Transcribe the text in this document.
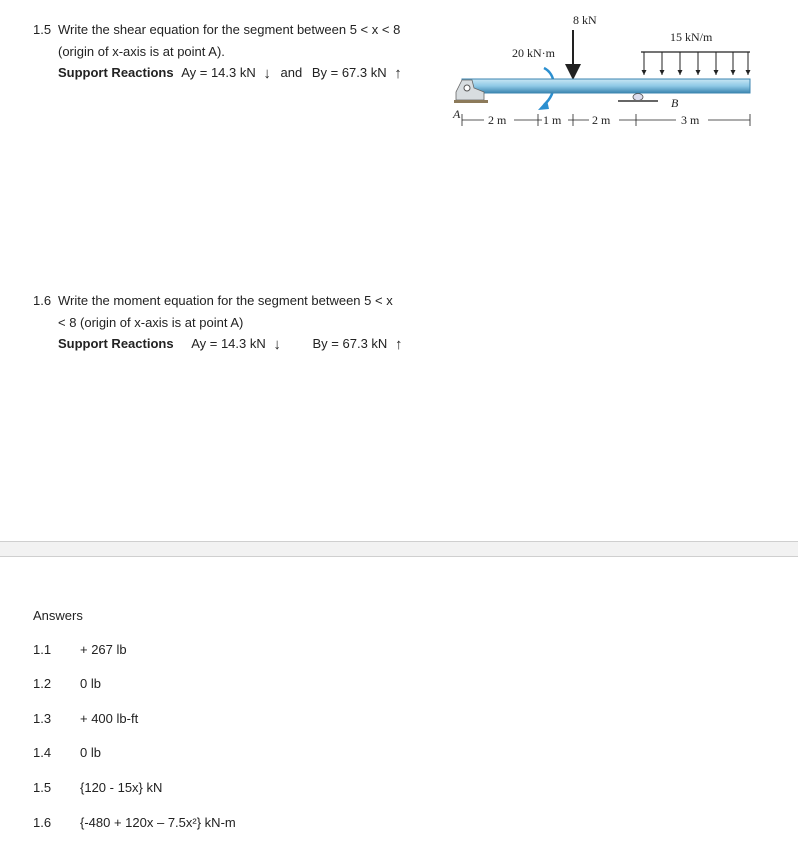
1.5 Write the shear equation for the segment between 5 < x < 8
(origin of x-axis is at point A).
Support Reactions Ay = 14.3 kN ↓ and By = 67.3 kN ↑
8 kN
15 kN/m
20 kN·m
A
B
2 m	1 m	2 m	3 m
1.6 Write the moment equation for the segment between 5 < x
< 8 (origin of x-axis is at point A)
Support Reactions Ay = 14.3 kN ↓ By = 67.3 kN ↑
Answers
1.1 + 267 lb
1.2 0 lb
1.3 + 400 lb-ft
1.4 0 lb
1.5 {120 - 15x} kN
1.6 {-480 + 120x – 7.5x²} kN-m
